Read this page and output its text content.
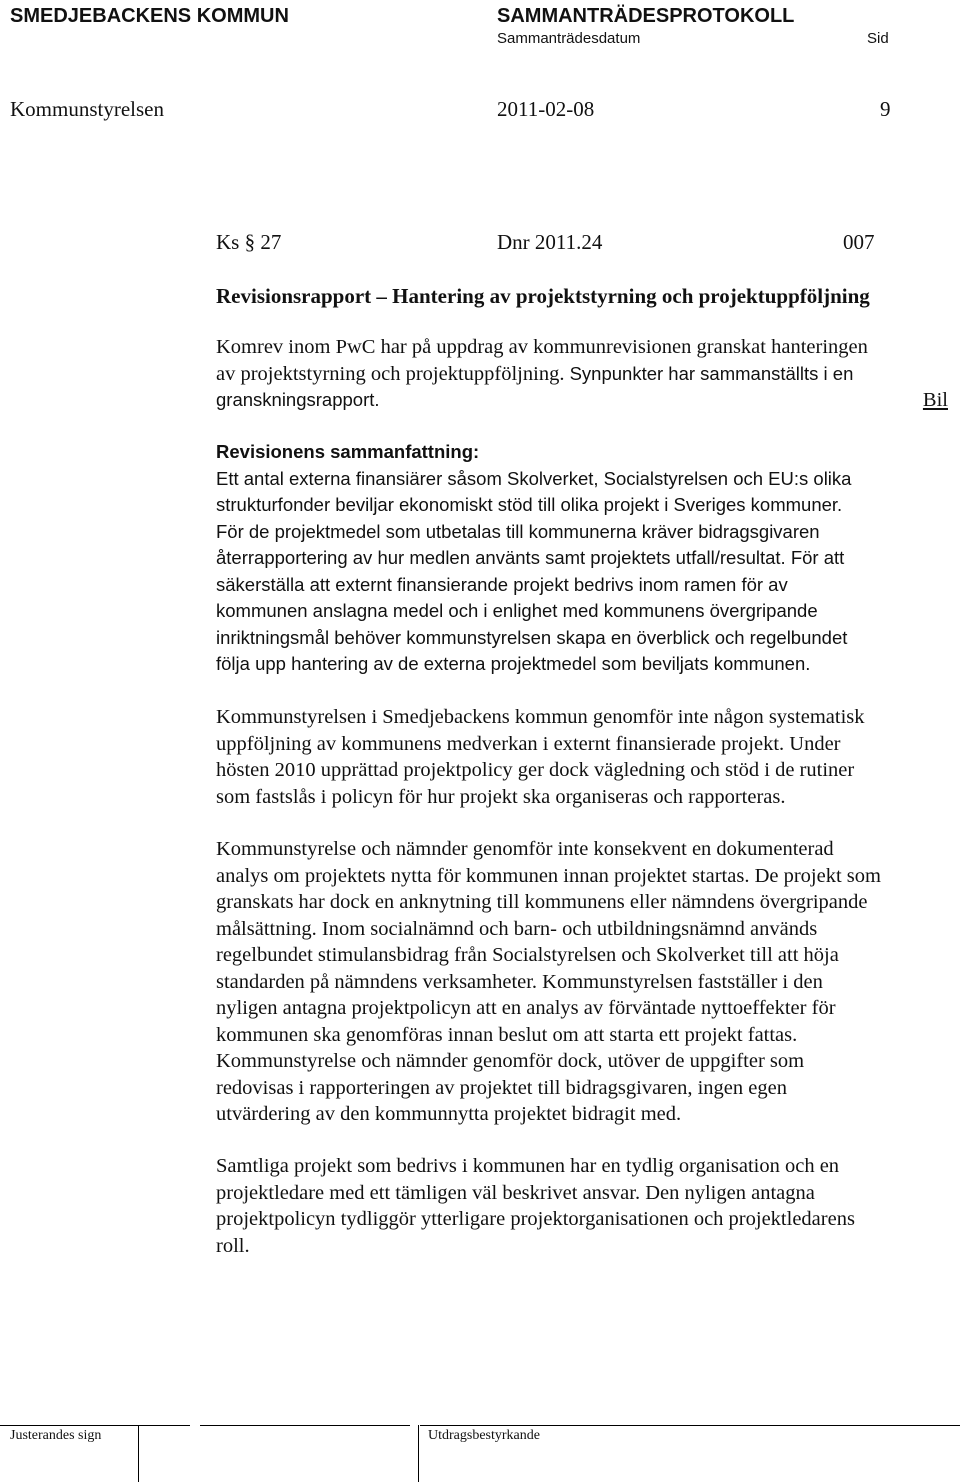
SMEDJEBACKENS KOMMUN	SAMMANTRÄDESPROTOKOLL
Sammanträdesdatum	Sid
Kommunstyrelsen	2011-02-08	9
Ks § 27	Dnr 2011.24	007
Revisionsrapport – Hantering av projektstyrning och projektuppföljning
Komrev inom PwC har på uppdrag av kommunrevisionen granskat hanteringen
av projektstyrning och projektuppföljning. Synpunkter har sammanställts i en
granskningsrapport.	Bil
Revisionens sammanfattning:
Ett antal externa finansiärer såsom Skolverket, Socialstyrelsen och EU:s olika
strukturfonder beviljar ekonomiskt stöd till olika projekt i Sveriges kommuner.
För de projektmedel som utbetalas till kommunerna kräver bidragsgivaren
återrapportering av hur medlen använts samt projektets utfall/resultat. För att
säkerställa att externt finansierande projekt bedrivs inom ramen för av
kommunen anslagna medel och i enlighet med kommunens övergripande
inriktningsmål behöver kommunstyrelsen skapa en överblick och regelbundet
följa upp hantering av de externa projektmedel som beviljats kommunen.
Kommunstyrelsen i Smedjebackens kommun genomför inte någon systematisk
uppföljning av kommunens medverkan i externt finansierade projekt. Under
hösten 2010 upprättad projektpolicy ger dock vägledning och stöd i de rutiner
som fastslås i policyn för hur projekt ska organiseras och rapporteras.
Kommunstyrelse och nämnder genomför inte konsekvent en dokumenterad
analys om projektets nytta för kommunen innan projektet startas. De projekt som
granskats har dock en anknytning till kommunens eller nämndens övergripande
målsättning. Inom socialnämnd och barn- och utbildningsnämnd används
regelbundet stimulansbidrag från Socialstyrelsen och Skolverket till att höja
standarden på nämndens verksamheter. Kommunstyrelsen fastställer i den
nyligen antagna projektpolicyn att en analys av förväntade nyttoeffekter för
kommunen ska genomföras innan beslut om att starta ett projekt fattas.
Kommunstyrelse och nämnder genomför dock, utöver de uppgifter som
redovisas i rapporteringen av projektet till bidragsgivaren, ingen egen
utvärdering av den kommunnytta projektet bidragit med.
Samtliga projekt som bedrivs i kommunen har en tydlig organisation och en
projektledare med ett tämligen väl beskrivet ansvar. Den nyligen antagna
projektpolicyn tydliggör ytterligare projektorganisationen och projektledarens
roll.
Justerandes sign	Utdragsbestyrkande
